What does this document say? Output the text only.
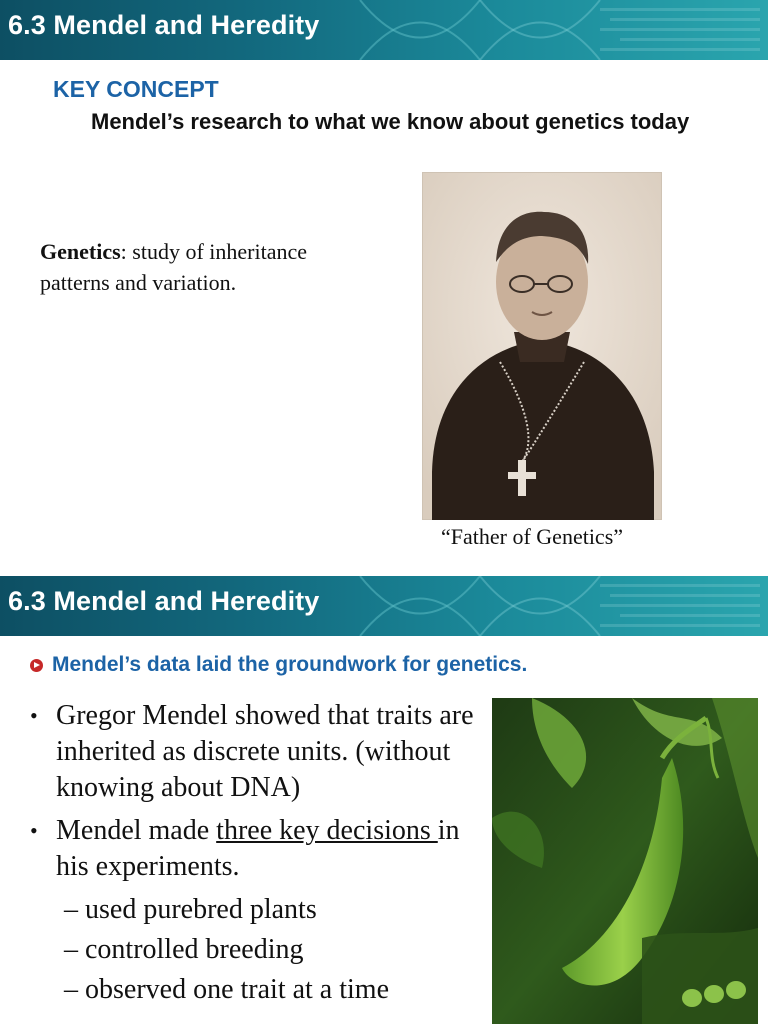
6.3 Mendel and Heredity
KEY CONCEPT
Mendel’s research to what we know about genetics today
Genetics: study of inheritance patterns and variation.
“Father of Genetics”
6.3 Mendel and Heredity
Mendel’s data laid the groundwork for genetics.
• Gregor Mendel showed that traits are inherited as discrete units. (without knowing about DNA)
• Mendel made three key decisions in his experiments.
– used purebred plants
– controlled breeding
– observed one trait at a time
